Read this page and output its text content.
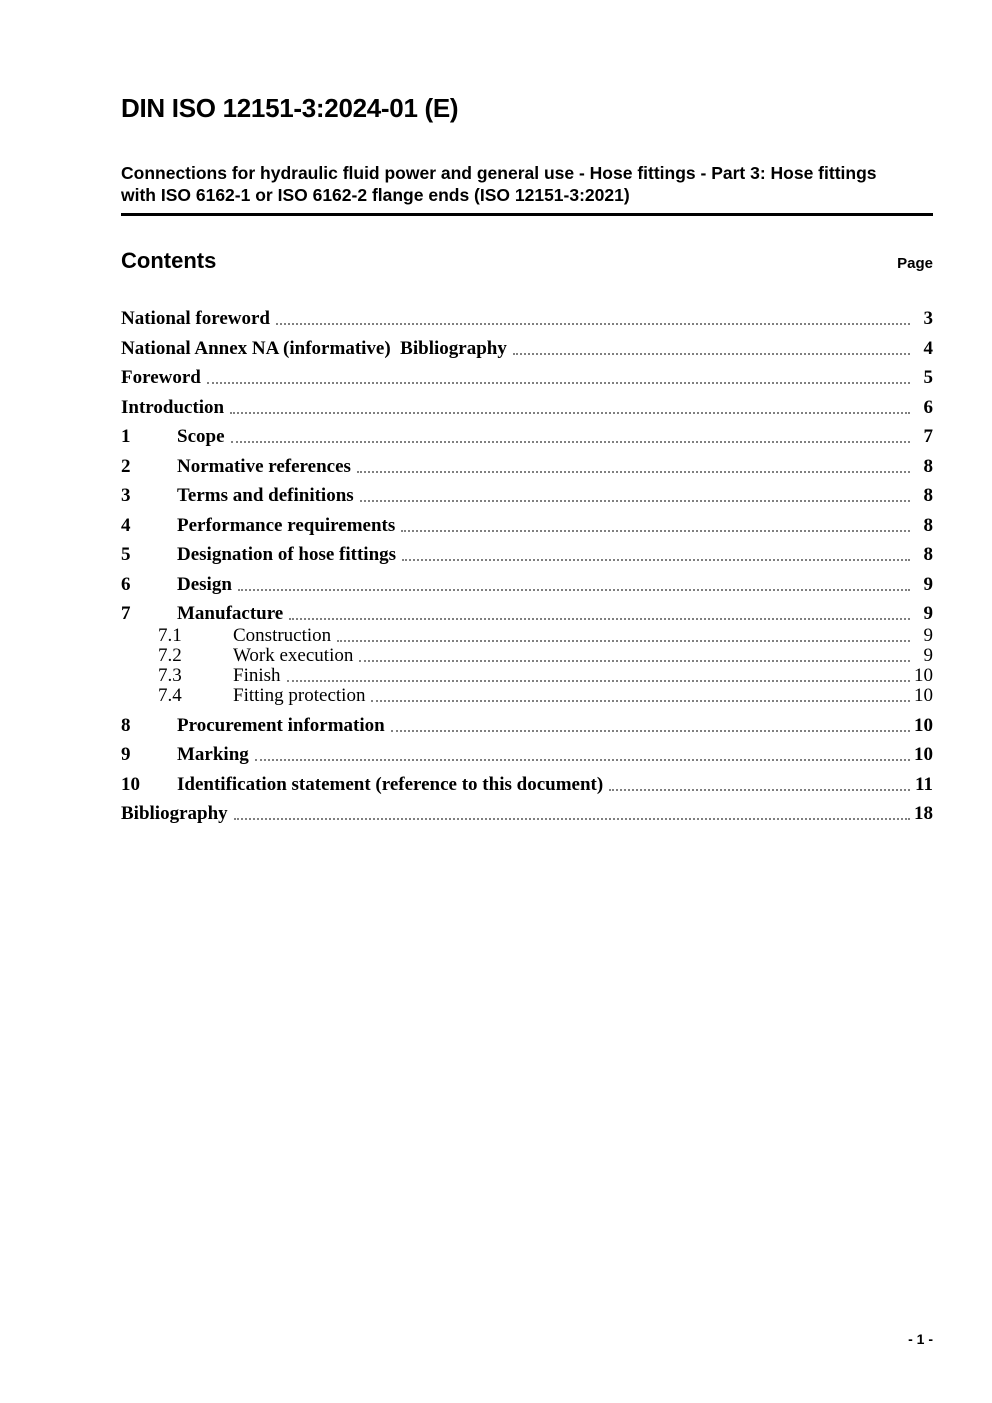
DIN ISO 12151-3:2024-01 (E)
Connections for hydraulic fluid power and general use - Hose fittings - Part 3: Hose fittings with ISO 6162-1 or ISO 6162-2 flange ends (ISO 12151-3:2021)
Contents	Page
National foreword	3
National Annex NA (informative)  Bibliography	4
Foreword	5
Introduction	6
1	Scope	7
2	Normative references	8
3	Terms and definitions	8
4	Performance requirements	8
5	Designation of hose fittings	8
6	Design	9
7	Manufacture	9
7.1	Construction	9
7.2	Work execution	9
7.3	Finish	10
7.4	Fitting protection	10
8	Procurement information	10
9	Marking	10
10	Identification statement (reference to this document)	11
Bibliography	18
- 1 -
